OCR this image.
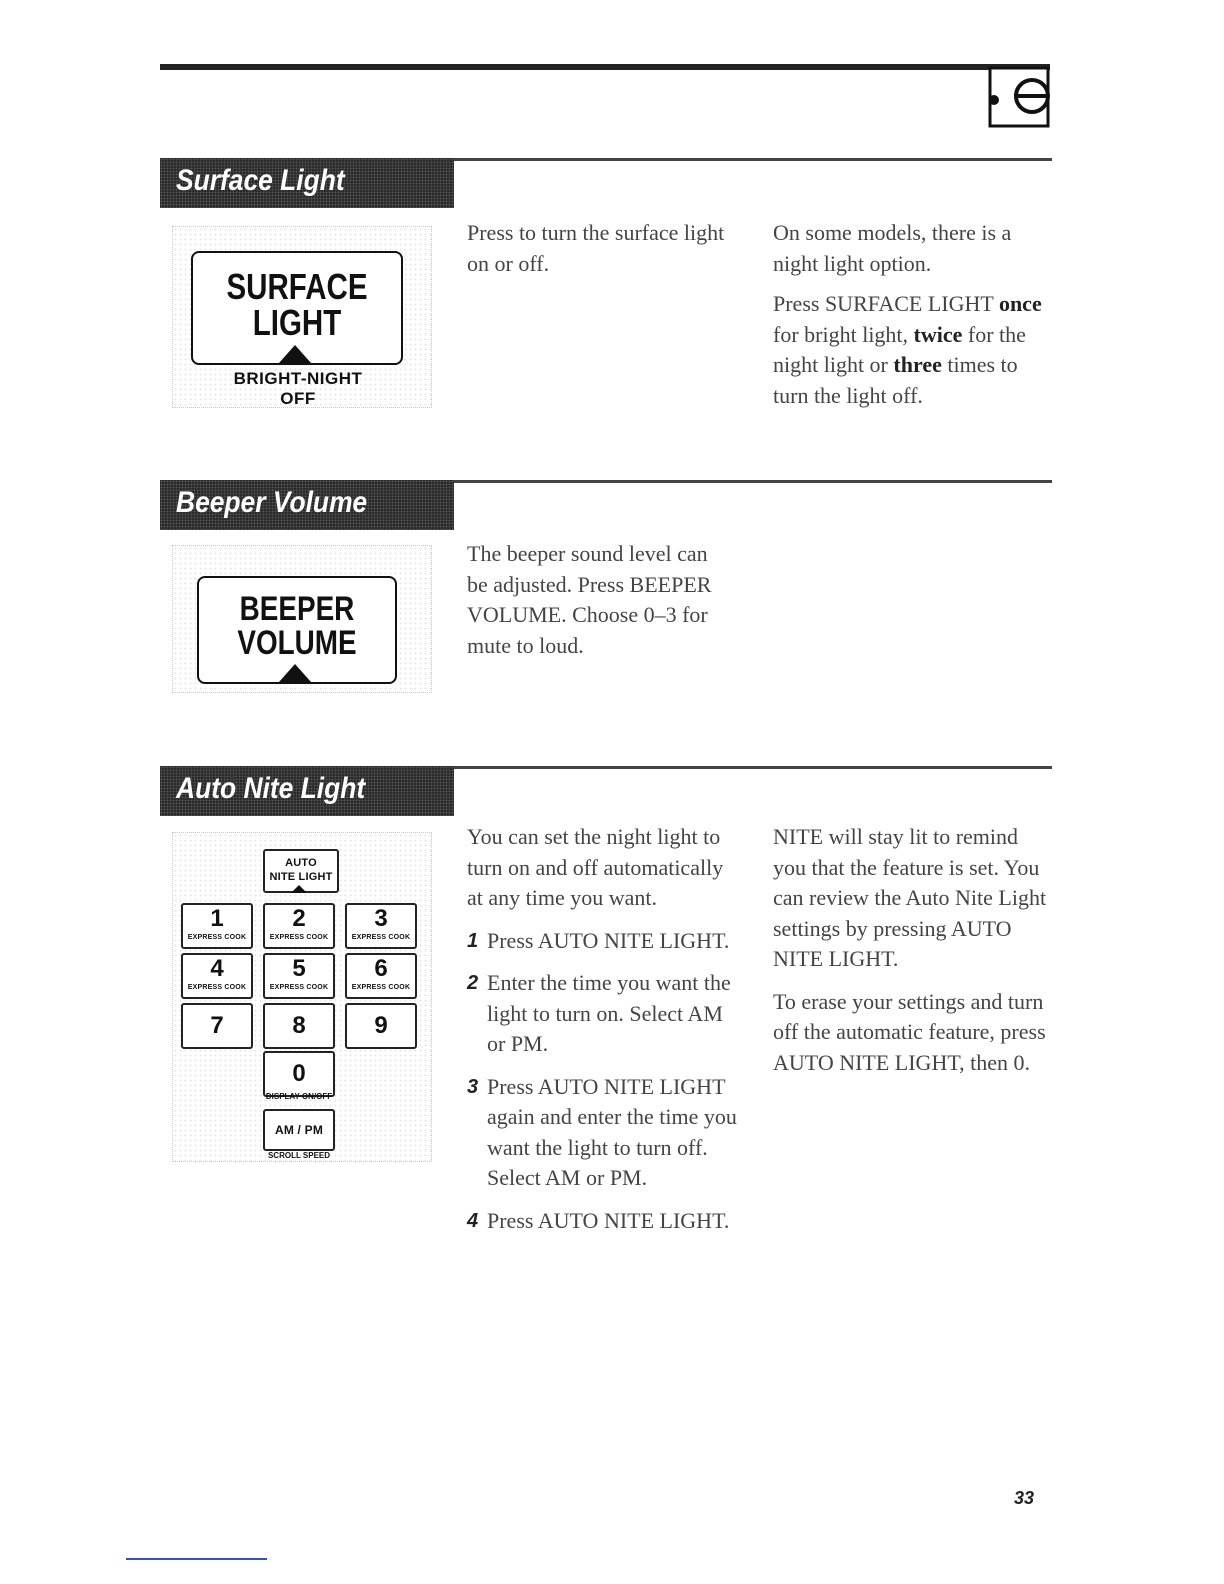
Surface Light
SURFACE
LIGHT
BRIGHT-NIGHT
OFF

Press to turn the surface light on or off.

On some models, there is a night light option.

Press SURFACE LIGHT once for bright light, twice for the night light or three times to turn the light off.

Beeper Volume
BEEPER
VOLUME

The beeper sound level can be adjusted. Press BEEPER VOLUME. Choose 0–3 for mute to loud.

Auto Nite Light
AUTO
NITE LIGHT
1
EXPRESS COOK
2
EXPRESS COOK
3
EXPRESS COOK
4
EXPRESS COOK
5
EXPRESS COOK
6
EXPRESS COOK
7	8	9
0
DISPLAY ON/OFF
AM / PM
SCROLL SPEED

You can set the night light to turn on and off automatically at any time you want.

1 Press AUTO NITE LIGHT.

2 Enter the time you want the light to turn on. Select AM or PM.

3 Press AUTO NITE LIGHT again and enter the time you want the light to turn off. Select AM or PM.

4 Press AUTO NITE LIGHT.

NITE will stay lit to remind you that the feature is set. You can review the Auto Nite Light settings by pressing AUTO NITE LIGHT.

To erase your settings and turn off the automatic feature, press AUTO NITE LIGHT, then 0.

33
